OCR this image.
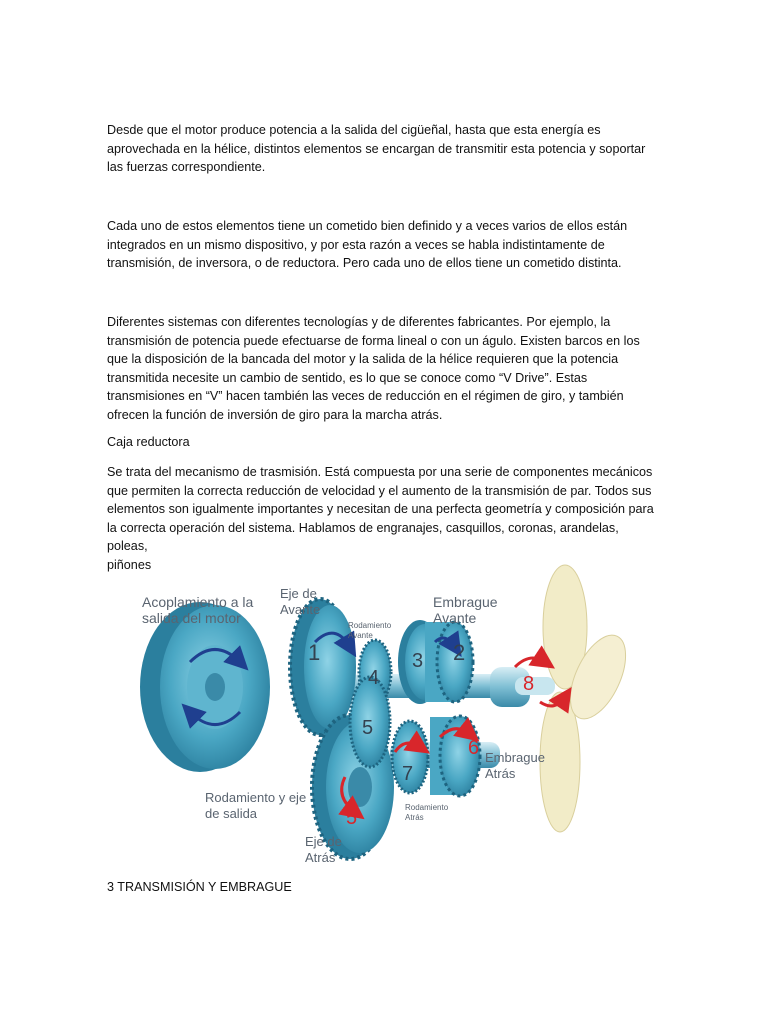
Desde que el motor produce potencia a la salida del cigüeñal, hasta que esta energía es
aprovechada en la hélice, distintos elementos se encargan de transmitir esta potencia y soportar
las fuerzas correspondiente.

Cada uno de estos elementos tiene un cometido bien definido y a veces varios de ellos están
integrados en un mismo dispositivo, y por esta razón a veces se habla indistintamente de
transmisión, de inversora, o de reductora. Pero cada uno de ellos tiene un cometido distinta.

Diferentes sistemas con diferentes tecnologías y de diferentes fabricantes. Por ejemplo, la
transmisión de potencia puede efectuarse de forma lineal o con un águlo. Existen barcos en los
que la disposición de la bancada del motor y la salida de la hélice requieren que la potencia
transmitida necesite un cambio de sentido, es lo que se conoce como “V Drive”. Estas
transmisiones en “V” hacen también las veces de reducción en el régimen de giro, y también
ofrecen la función de inversión de giro para la marcha atrás.

Caja reductora

Se trata del mecanismo de trasmisión. Está compuesta por una serie de componentes mecánicos
que permiten la correcta reducción de velocidad y el aumento de la transmisión de par. Todos sus
elementos son igualmente importantes y necesitan de una perfecta geometría y composición para
la correcta operación del sistema. Hablamos de engranajes, casquillos, coronas, arandelas, poleas,
piñones

1	2
3
4
5
5
6
7
8
Acoplamiento a la
salida del motor
Eje de
Avante
Rodamiento
Avante
Embrague
Avante
Embrague
Atrás
Rodamiento y eje
de salida	Rodamiento
Atrás
Eje de
Atrás

3 TRANSMISIÓN Y EMBRAGUE
